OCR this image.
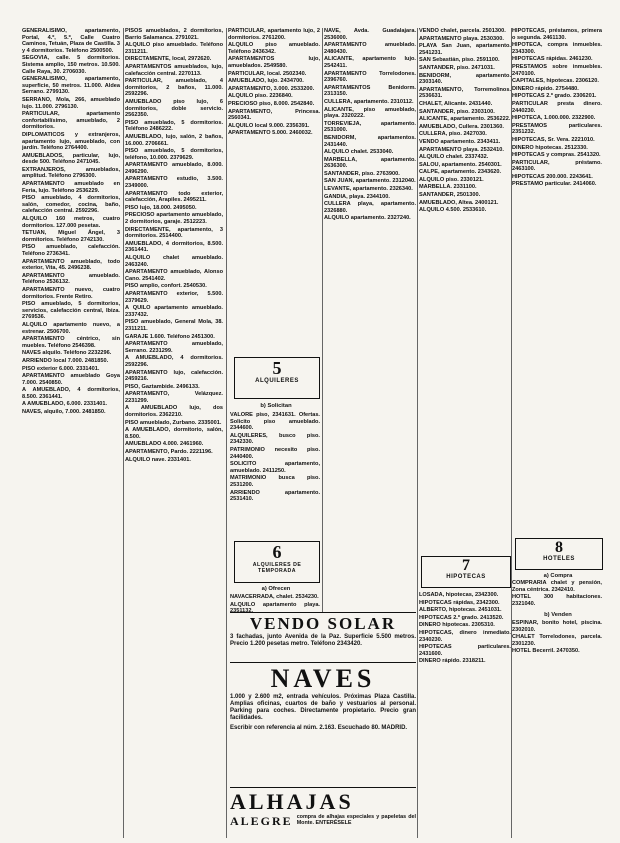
GENERALISIMO, apartamento, Portal, 4.º, 5.º, Calle Cuatro Caminos, Tetuán, Plaza de Castilla. 3 y 4 dormitorios. Teléfono 2500500.

SEGOVIA, calle. 5 dormitorios. Sistema amplio, 150 metros. 10.500. Calle Raya, 30. 2706030.

GENERALISIMO, apartamento, superficie, 50 metros. 11.000. Aldea Serrano. 2799130.

SERRANO, Mola, 266, amueblado lujo. 11.000. 2796130.

PARTICULAR, apartamento confortabilísimo, amueblado, 2 dormitorios.

DIPLOMATICOS y extranjeros, apartamento lujo, amueblado, con jardín. Teléfono 2764400.

AMUEBLADOS, particular, lujo, desde 500. Teléfono 2471045.

EXTRANJEROS, amueblados, amplitud. Teléfono 2796300.

APARTAMENTO amueblado en Feria, lujo. Teléfono 2536229.

PISO amueblado, 4 dormitorios, salón, comedor, cocina, baño, calefacción central. 2592296.

ALQUILO 160 metros, cuatro dormitorios. 127.000 pesetas.

TETUAN, Miguel Ángel, 3 dormitorios. Teléfono 2742130.

PISO amueblado, calefacción. Teléfono 2736341.

APARTAMENTO amueblado, todo exterior, Vita, 45. 2496238.

APARTAMENTO amueblado. Teléfono 2536132.

APARTAMENTO nuevo, cuatro dormitorios. Frente Retiro.

PISO amueblado, 5 dormitorios, servicios, calefacción central, Ibiza. 2769536.

ALQUILO apartamento nuevo, a estrenar. 2506700.

APARTAMENTO céntrico, sin muebles. Teléfono 2546398.

NAVES alquilo. Teléfono 2232296.

ARRIENDO local 7.000. 2481850.

PISO exterior 6.000. 2331401.

APARTAMENTO amueblado Goya 7.000. 2540850.

A AMUEBLADO, 4 dormitorios, 8.500. 2361441.

A AMUEBLADO, 6.000. 2331401.

NAVES, alquilo, 7.000. 2481850.

PISOS amueblados, 2 dormitorios, Barrio Salamanca. 2791021.

ALQUILO piso amueblado. Teléfono 2311211.

DIRECTAMENTE, local, 2972620.

APARTAMENTOS amueblados, lujo, calefacción central. 2270113.

PARTICULAR, amueblado, 4 dormitorios, 2 baños, 11.000. 2592296.

AMUEBLADO piso lujo, 6 dormitorios, doble servicio. 2562350.

PISO amueblado, 5 dormitorios. Teléfono 2486222.

AMUEBLADO, lujo, salón, 2 baños, 16.000. 2706661.

PISO amueblado, 5 dormitorios, teléfono, 10.000. 2379629.

APARTAMENTO amueblado, 8.000. 2496290.

APARTAMENTO estudio, 3.500. 2349000.

APARTAMENTO todo exterior, calefacción, Arapiles. 2495211.

PISO lujo, 18.000. 2495050.

PRECIOSO apartamento amueblado, 2 dormitorios, garaje. 2512223.

DIRECTAMENTE, apartamento, 3 dormitorios. 2514400.

AMUEBLADO, 4 dormitorios, 8.500. 2361441.

ALQUILO chalet amueblado. 2463240.

APARTAMENTO amueblado, Alonso Cano. 2541402.

PISO amplio, confort. 2540530.

APARTAMENTO exterior, 5.500. 2379629.

A QUILO apartamento amueblado. 2337432.

PISO amueblado, General Mola, 38. 2311211.

GARAJE 1.600. Teléfono 2451300.

APARTAMENTO amueblado, Serrano. 2231299.

A AMUEBLADO, 4 dormitorios. 2592296.

APARTAMENTO lujo, calefacción. 2459216.

PISO, Gaztambide. 2496133.

APARTAMENTO, Velázquez. 2231299.

A AMUEBLADO lujo, dos dormitorios. 2362210.

PISO amueblado, Zurbano. 2335001.

A AMUEBLADO, dormitorio, salón, 8.500.

AMUEBLADO 4.000. 2461960.

APARTAMENTO, Pardo. 2221196.

ALQUILO nave. 2331401.

PARTICULAR, apartamento lujo, 2 dormitorios. 2761200.

ALQUILO piso amueblado. Teléfono 2436342.

APARTAMENTOS lujo, amueblados. 2549580.

PARTICULAR, local. 2502340.

AMUEBLADO, lujo. 2434700.

APARTAMENTO, 3.000. 2533200.

ALQUILO piso. 2236840.

PRECIOSO piso, 8.000. 2542840.

APARTAMENTO, Princesa. 2560341.

ALQUILO local 9.000. 2356391.

APARTAMENTO 5.000. 2460032.

NAVE, Avda. Guadalajara. 2536000.

APARTAMENTO amueblado. 2480430.

ALICANTE, apartamento lujo. 2542411.

APARTAMENTO Torrelodones. 2396760.

APARTAMENTOS Benidorm. 2313150.

CULLERA, apartamento. 2310112.

ALICANTE, piso amueblado, playa. 2320222.

TORREVIEJA, apartamento. 2531000.

BENIDORM, apartamentos. 2431440.

ALQUILO chalet. 2533040.

MARBELLA, apartamento. 2636300.

SANTANDER, piso. 2763900.

SAN JUAN, apartamento. 2312040.

LEVANTE, apartamento. 2326340.

GANDIA, playa. 2344100.

CULLERA playa, apartamento. 2326880.

ALQUILO apartamento. 2327240.

VENDO chalet, parcela. 2501300.

APARTAMENTO playa. 2530300.

PLAYA San Juan, apartamento. 2541231.

SAN Sebastián, piso. 2591100.

SANTANDER, piso. 2471031.

BENIDORM, apartamento. 2303140.

APARTAMENTO, Torremolinos. 2536631.

CHALET, Alicante. 2431440.

SANTANDER, piso. 2303100.

ALICANTE, apartamento. 2536222.

AMUEBLADO, Cullera. 2301360.

CULLERA, piso. 2427030.

VENDO apartamento. 2343411.

APARTAMENTO playa. 2532410.

ALQUILO chalet. 2337432.

SALOU, apartamento. 2540301.

CALPE, apartamento. 2343620.

ALQUILO piso. 2330121.

MARBELLA. 2331100.

SANTANDER, 2501300.

AMUEBLADO, Altea. 2400121.

ALQUILO 4.500. 2533610.

HIPOTECAS, préstamos, primera o segunda. 2461130.

HIPOTECA, compra inmuebles. 2343300.

HIPOTECAS rápidas. 2461230.

PRESTAMOS sobre inmuebles. 2470100.

CAPITALES, hipotecas. 2306120.

DINERO rápido. 2754480.

HIPOTECAS 2.º grado. 2306201.

PARTICULAR presta dinero. 2440230.

HIPOTECA, 1.000.000. 2322900.

PRESTAMOS particulares. 2351232.

HIPOTECAS, Sr. Vera. 2221010.

DINERO hipotecas. 2512330.

HIPOTECAS y compras. 2541320.

PARTICULAR, préstamo. 2463100.

HIPOTECAS 200.000. 2243641.

PRESTAMO particular. 2414060.

5
ALQUILERES
b) Solicitan

VALORE piso, 2341631. Ofertas. Solicito piso amueblado. 2344600.

ALQUILERES, busco piso. 2342330.

PATRIMONIO necesito piso. 2440400.

SOLICITO apartamento, amueblado. 2411250.

MATRIMONIO busca piso. 2531200.

ARRIENDO apartamento. 2531410.

6
ALQUILERES DE TEMPORADA
a) Ofrecen

NAVACERRADA, chalet. 2534230.

ALQUILO apartamento playa. 2351132.

7
HIPOTECAS

LOSADA, hipotecas, 2342300.

HIPOTECAS rápidas, 2342300.

ALBERTO, hipotecas. 2451031.

HIPOTECAS 2.º grado. 2413520.

DINERO hipotecas. 2305310.

HIPOTECAS, dinero inmediato. 2340230.

HIPOTECAS particulares. 2431600.

DINERO rápido. 2318211.

8
HOTELES
a) Compra

COMPRARIA chalet y pensión, Zona céntrica. 2342410.

HOTEL 300 habitaciones. 2321040.

b) Venden

ESPINAR, bonito hotel, piscina. 2302010.

CHALET Torrelodones, parcela. 2301230.

HOTEL Becerril. 2470350.

VENDO SOLAR
3 fachadas, junto Avenida de la Paz. Superficie 5.500 metros. Precio 1.200 pesetas metro. Teléfono 2343420.
NAVES
1.000 y 2.600 m2, entrada vehículos. Próximas Plaza Castilla. Amplias oficinas, cuartos de baño y vestuarios al personal. Parking para coches. Directamente propietario. Precio gran facilidades.
Escribir con referencia al núm. 2.163. Escuchado 80. MADRID.
ALHAJAS
ALEGRE compra de alhajas especiales y papeletas del Monte. ENTERÉSELE
